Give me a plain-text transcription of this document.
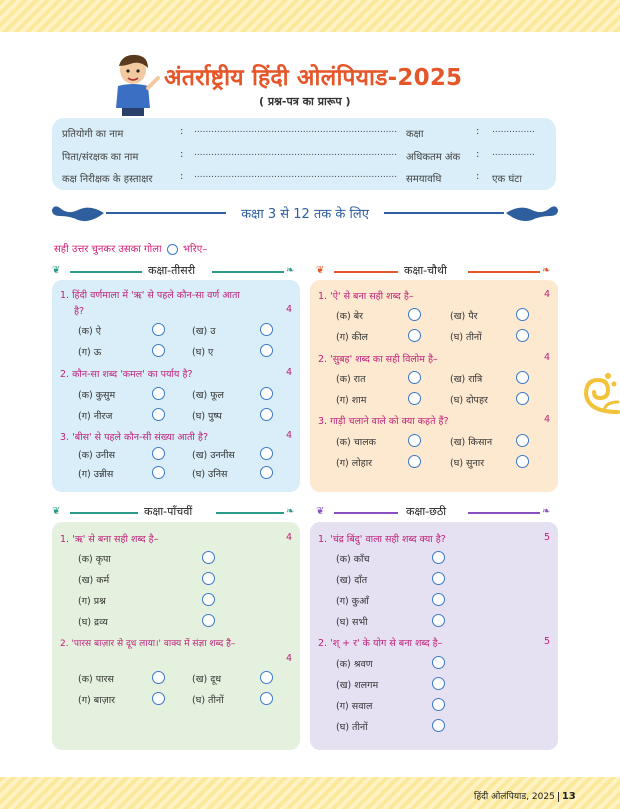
अंतर्राष्ट्रीय हिंदी ओलंपियाड-2025
( प्रश्न-पत्र का प्रारूप )
प्रतियोगी का नाम	: .......................................................................
पिता/संरक्षक का नाम	: .......................................................................
कक्ष निरीक्षक के हस्ताक्षर	: .......................................................................
कक्षा	: ...............
अधिकतम अंक : ...............
समयावधि	: एक घंटा
कक्षा 3 से 12 तक के लिए
सही उत्तर चुनकर उसका गोला भरिए–
❦	कक्षा-तीसरी	❧ ❦	कक्षा-चौथी	❧
❦	कक्षा-पाँचवीं	❧ ❦	कक्षा-छठी	❧
1. हिंदी वर्णमाला में 'ऋ' से पहले कौन-सा वर्ण आता
है?	4
(क) ऐ	(ख) उ
(ग) ऊ	(घ) ए
2. कौन-सा शब्द 'कमल' का पर्याय है?	4
(क) कुसुम	(ख) फूल
(ग) नीरज	(घ) पुष्प
3. 'बीस' से पहले कौन-सी संख्या आती है?	4
(क) उनीस	(ख) उननीस
(ग) उन्नीस	(घ) उनिस
1. 'ऐ' से बना सही शब्द है–	4
(क) बेर	(ख) पैर
(ग) कील	(घ) तीनों
2. 'सुबह' शब्द का सही विलोम है–	4
(क) रात	(ख) रात्रि
(ग) शाम	(घ) दोपहर
3. गाड़ी चलाने वाले को क्या कहते हैं?	4
(क) चालक	(ख) किसान
(ग) लोहार	(घ) सुनार
1. 'ऋ' से बना सही शब्द है–	4
(क) कृपा
(ख) कर्म
(ग) प्रश्न
(घ) द्रव्य
2. 'पारस बाज़ार से दूध लाया।' वाक्य में संज्ञा शब्द है–
4
(क) पारस	(ख) दूध
(ग) बाज़ार	(घ) तीनों
1. 'चंद्र बिंदु' वाला सही शब्द क्या है?	5
(क) काँच
(ख) दाँत
(ग) कुआँ
(घ) सभी
2. 'श् + र' के योग से बना शब्द है–	5
(क) श्रवण
(ख) शलगम
(ग) सवाल
(घ) तीनों
हिंदी ओलंपियाड, 2025 13
